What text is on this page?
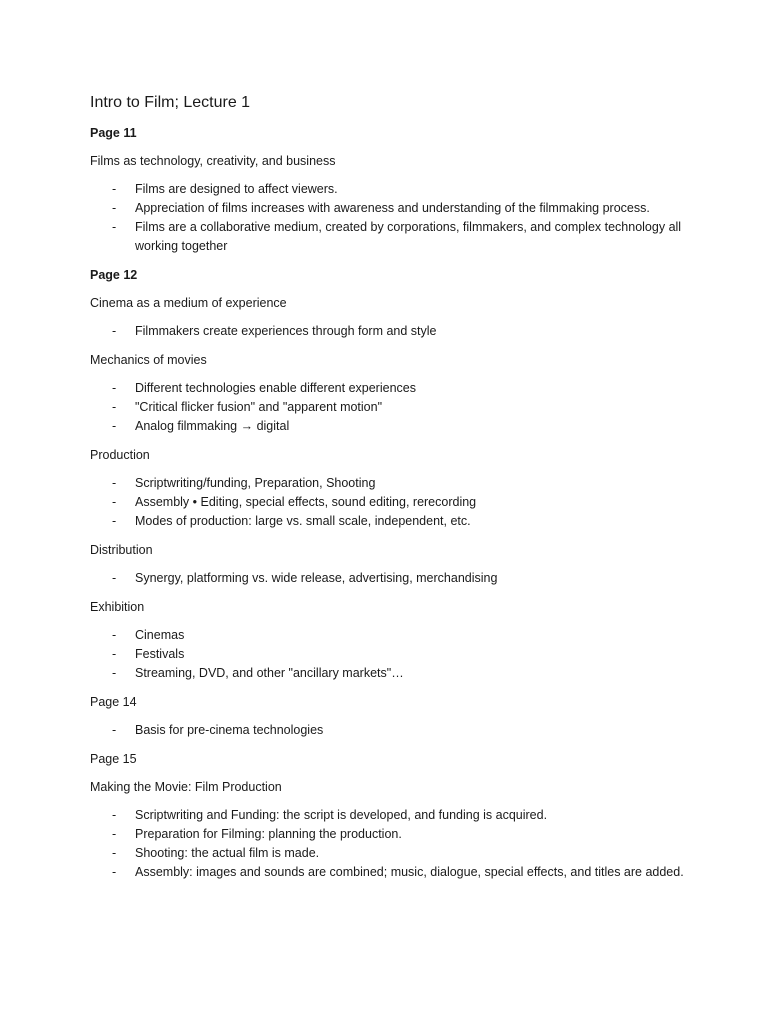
Intro to Film; Lecture 1
Page 11
Films as technology, creativity, and business
- Films are designed to affect viewers.
- Appreciation of films increases with awareness and understanding of the filmmaking process.
- Films are a collaborative medium, created by corporations, filmmakers, and complex technology all working together
Page 12
Cinema as a medium of experience
- Filmmakers create experiences through form and style
Mechanics of movies
- Different technologies enable different experiences
- "Critical flicker fusion" and "apparent motion"
- Analog filmmaking → digital
Production
- Scriptwriting/funding, Preparation, Shooting
- Assembly • Editing, special effects, sound editing, rerecording
- Modes of production: large vs. small scale, independent, etc.
Distribution
- Synergy, platforming vs. wide release, advertising, merchandising
Exhibition
- Cinemas
- Festivals
- Streaming, DVD, and other "ancillary markets"…
Page 14
- Basis for pre-cinema technologies
Page 15
Making the Movie: Film Production
- Scriptwriting and Funding: the script is developed, and funding is acquired.
- Preparation for Filming: planning the production.
- Shooting: the actual film is made.
- Assembly: images and sounds are combined; music, dialogue, special effects, and titles are added.
